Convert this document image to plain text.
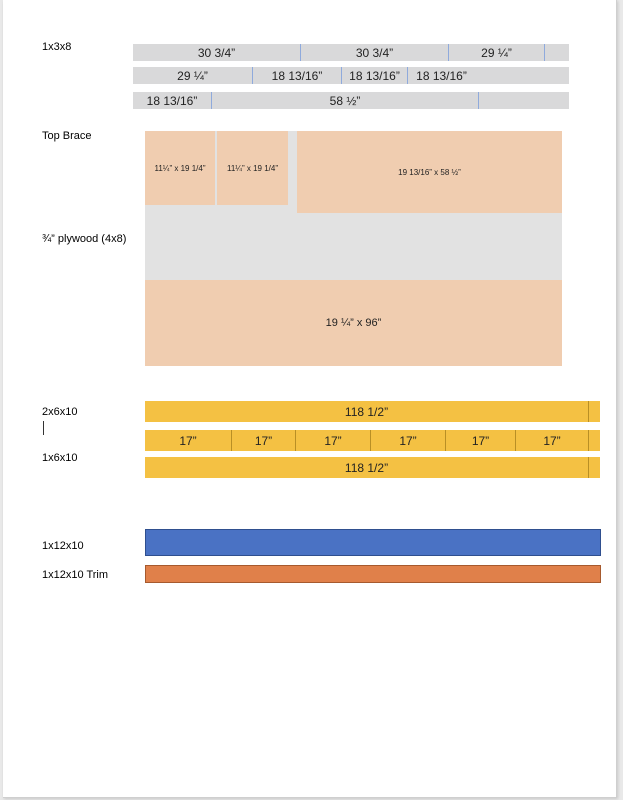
1x3x8
Top Brace
¾” plywood (4x8)
2x6x10
1x6x10
1x12x10
1x12x10 Trim
30 3/4”	30 3/4”	29 ¼”
29 ¼”	18 13/16”	18 13/16”	18 13/16”
18 13/16”	58 ½”
11¼” x 19 1/4”	11¼” x 19 1/4”	19 13/16” x 58 ½”
19 ¼” x 96”
118 1/2”
17”	17”	17”	17”	17”	17”
118 1/2”
